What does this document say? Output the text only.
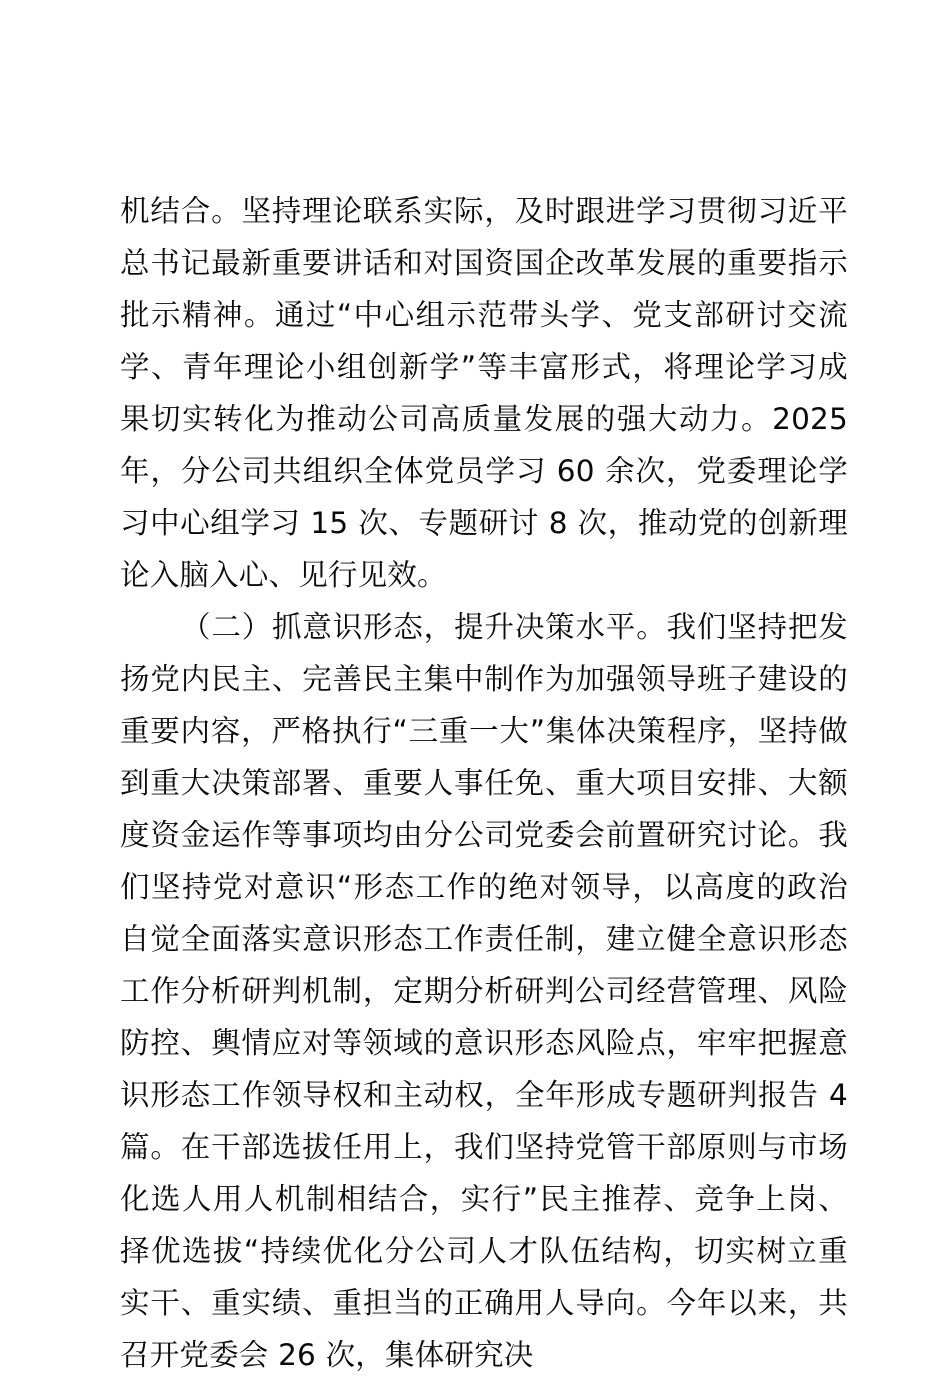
机结合。坚持理论联系实际，及时跟进学习贯彻习近平总书记最新重要讲话和对国资国企改革发展的重要指示批示精神。通过“中心组示范带头学、党支部研讨交流学、青年理论小组创新学”等丰富形式，将理论学习成果切实转化为推动公司高质量发展的强大动力。2025 年，分公司共组织全体党员学习 60 余次，党委理论学习中心组学习 15 次、专题研讨 8 次，推动党的创新理论入脑入心、见行见效。

（二）抓意识形态，提升决策水平。我们坚持把发扬党内民主、完善民主集中制作为加强领导班子建设的重要内容，严格执行“三重一大”集体决策程序，坚持做到重大决策部署、重要人事任免、重大项目安排、大额度资金运作等事项均由分公司党委会前置研究讨论。我们坚持党对意识“形态工作的绝对领导，以高度的政治自觉全面落实意识形态工作责任制，建立健全意识形态工作分析研判机制，定期分析研判公司经营管理、风险防控、輿情应对等领域的意识形态风险点，牢牢把握意识形态工作领导权和主动权，全年形成专题研判报告 4 篇。在干部选拔任用上，我们坚持党管干部原则与市场化选人用人机制相结合，实行”民主推荐、竞争上岗、择优选拔“持续优化分公司人才队伍结构，切实树立重实干、重实绩、重担当的正确用人导向。今年以来，共召开党委会 26 次，集体研究决
